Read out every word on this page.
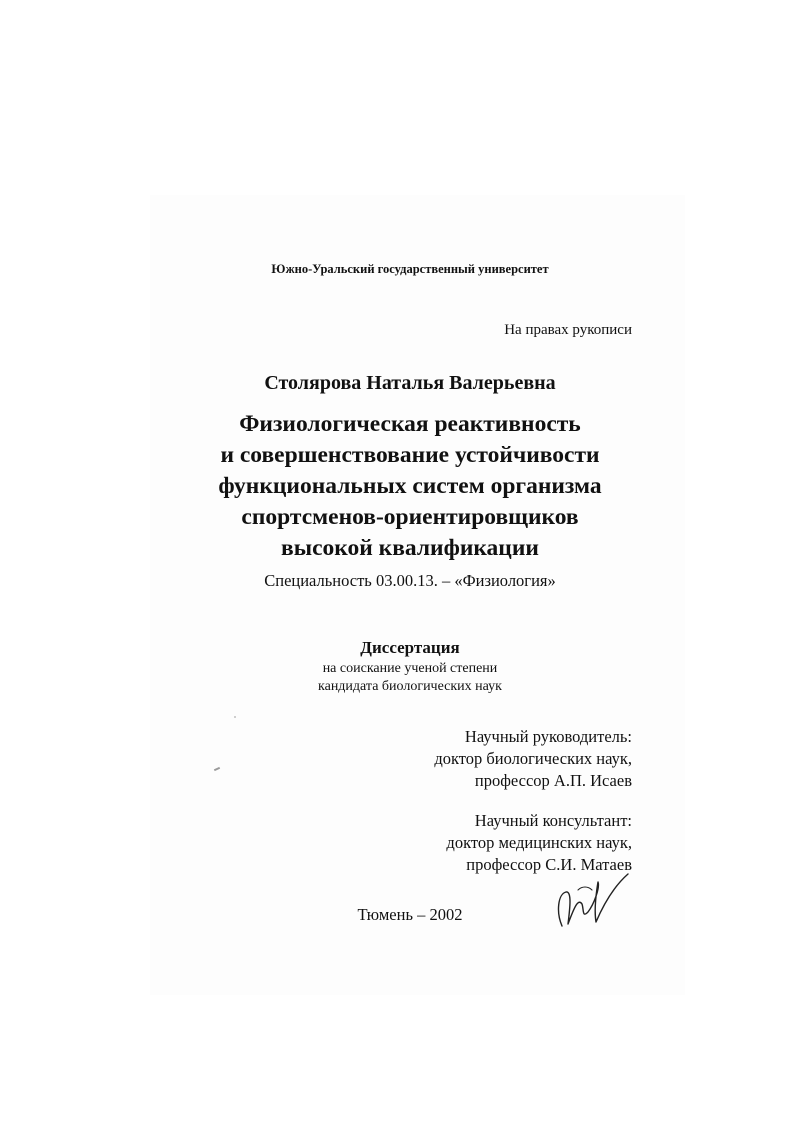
Южно-Уральский государственный университет
На правах рукописи
Столярова Наталья Валерьевна
Физиологическая реактивность
и совершенствование устойчивости
функциональных систем организма
спортсменов-ориентировщиков
высокой квалификации
Специальность 03.00.13. – «Физиология»
Диссертация
на соискание ученой степени
кандидата биологических наук
Научный руководитель:
доктор биологических наук,
профессор А.П. Исаев
Научный консультант:
доктор медицинских наук,
профессор С.И. Матаев
Тюмень – 2002
